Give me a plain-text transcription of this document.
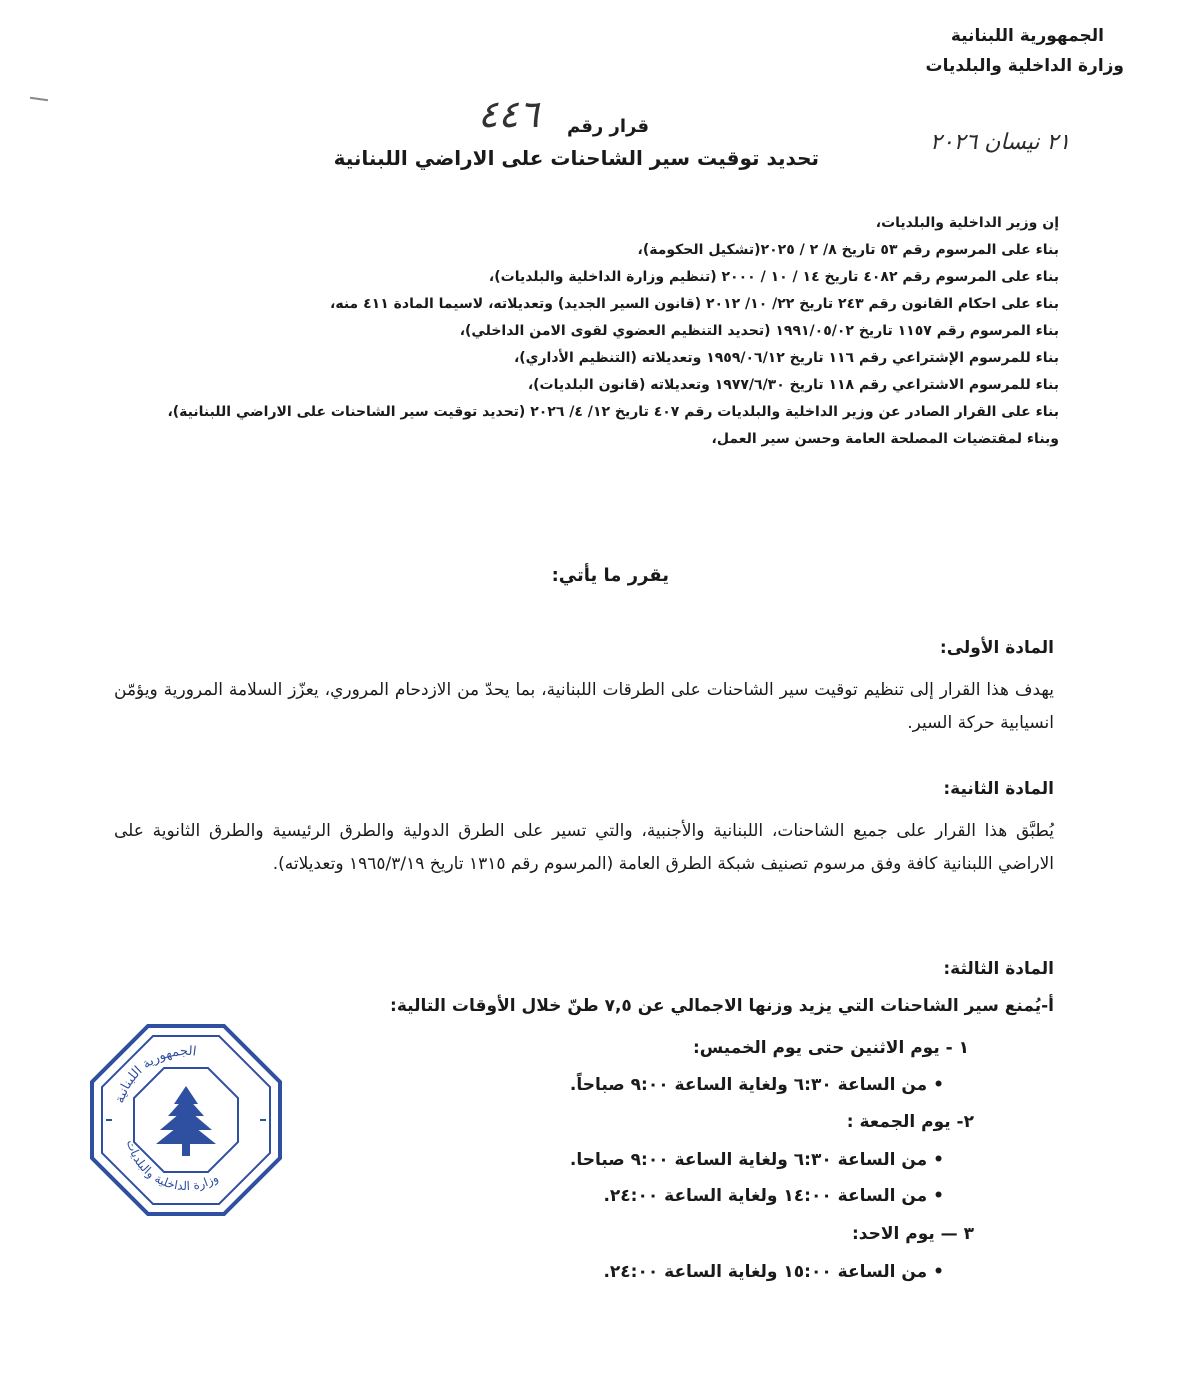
الجمهورية اللبنانية
وزارة الداخلية والبلديات
قرار رقم
٤٤٦
تحديد توقيت سير الشاحنات على الاراضي اللبنانية
٢١ نيسان ٢٠٢٦
إن وزير الداخلية والبلديات،
بناء على المرسوم رقم ٥٣ تاريخ ٨/ ٢ / ٢٠٢٥(تشكيل الحكومة)،
بناء على المرسوم رقم ٤٠٨٢ تاريخ ١٤ / ١٠ / ٢٠٠٠ (تنظيم وزارة الداخلية والبلديات)،
بناء على احكام القانون رقم ٢٤٣ تاريخ ٢٢/ ١٠/ ٢٠١٢ (قانون السير الجديد) وتعديلاته، لاسيما المادة ٤١١ منه،
بناء المرسوم رقم ١١٥٧ تاريخ ١٩٩١/٠٥/٠٢ (تحديد التنظيم العضوي لقوى الامن الداخلي)،
بناء للمرسوم الإشتراعي رقم ١١٦ تاريخ ١٩٥٩/٠٦/١٢ وتعديلاته (التنظيم الأداري)،
بناء للمرسوم الاشتراعي رقم ١١٨ تاريخ ١٩٧٧/٦/٣٠ وتعديلاته (قانون البلديات)،
بناء على القرار الصادر عن وزير الداخلية والبلديات رقم ٤٠٧ تاريخ ١٢/ ٤/ ٢٠٢٦ (تحديد توقيت سير الشاحنات على الاراضي اللبنانية)،
وبناء لمقتضيات المصلحة العامة وحسن سير العمل،
يقرر ما يأتي:
المادة الأولى:
يهدف هذا القرار إلى تنظيم توقيت سير الشاحنات على الطرقات اللبنانية، بما يحدّ من الازدحام المروري، يعزّز السلامة المرورية ويؤمّن انسيابية حركة السير.
المادة الثانية:
يُطبَّق هذا القرار على جميع الشاحنات، اللبنانية والأجنبية، والتي تسير على الطرق الدولية والطرق الرئيسية والطرق الثانوية على الاراضي اللبنانية كافة وفق مرسوم تصنيف شبكة الطرق العامة (المرسوم رقم ١٣١٥ تاريخ ١٩٦٥/٣/١٩ وتعديلاته).
المادة الثالثة:
أ-يُمنع سير الشاحنات التي يزيد وزنها الاجمالي عن ٧,٥ طنّ خلال الأوقات التالية:
١ - يوم الاثنين حتى يوم الخميس:
• من الساعة ٦:٣٠ ولغاية الساعة ٩:٠٠ صباحاً.
٢- يوم الجمعة :
• من الساعة ٦:٣٠ ولغاية الساعة ٩:٠٠ صباحا.
• من الساعة ١٤:٠٠ ولغاية الساعة ٢٤:٠٠.
٣ — يوم الاحد:
• من الساعة ١٥:٠٠ ولغاية الساعة ٢٤:٠٠.
الجمهورية اللبنانية
وزارة الداخلية والبلديات
